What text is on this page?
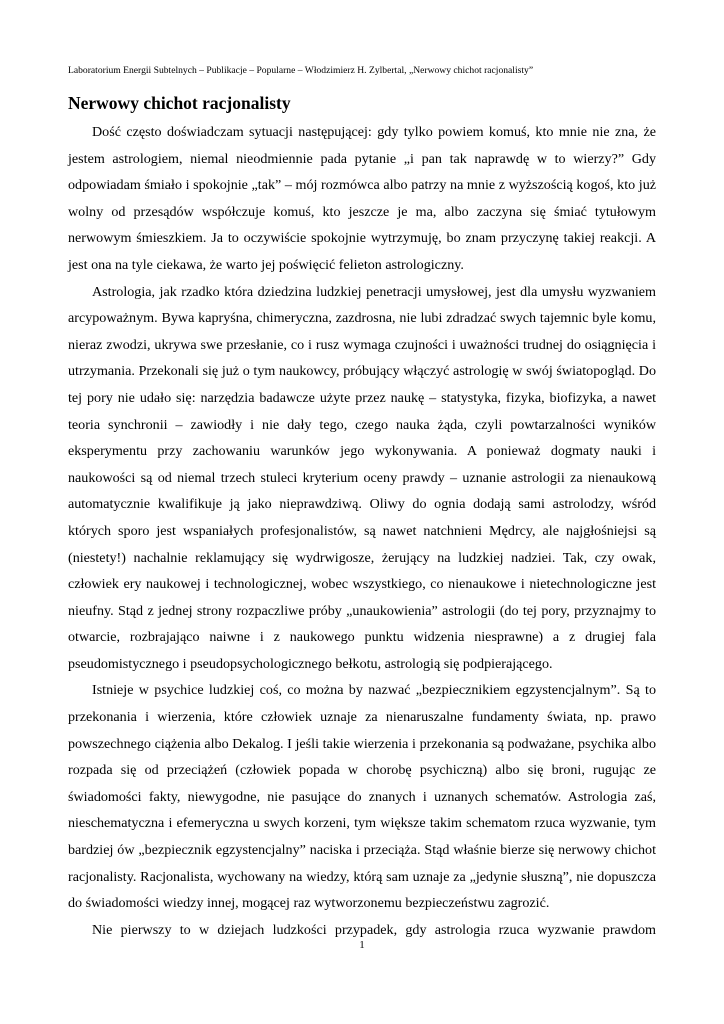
Laboratorium Energii Subtelnych – Publikacje – Popularne – Włodzimierz H. Zylbertal, „Nerwowy chichot racjonalisty”
Nerwowy chichot racjonalisty

Dość często doświadczam sytuacji następującej: gdy tylko powiem komuś, kto mnie nie zna, że jestem astrologiem, niemal nieodmiennie pada pytanie „i pan tak naprawdę w to wierzy?” Gdy odpowiadam śmiało i spokojnie „tak” – mój rozmówca albo patrzy na mnie z wyższością kogoś, kto już wolny od przesądów współczuje komuś, kto jeszcze je ma, albo zaczyna się śmiać tytułowym nerwowym śmieszkiem. Ja to oczywiście spokojnie wytrzymuję, bo znam przyczynę takiej reakcji. A jest ona na tyle ciekawa, że warto jej poświęcić felieton astrologiczny.

Astrologia, jak rzadko która dziedzina ludzkiej penetracji umysłowej, jest dla umysłu wyzwaniem arcypoważnym. Bywa kapryśna, chimeryczna, zazdrosna, nie lubi zdradzać swych tajemnic byle komu, nieraz zwodzi, ukrywa swe przesłanie, co i rusz wymaga czujności i uważności trudnej do osiągnięcia i utrzymania. Przekonali się już o tym naukowcy, próbujący włączyć astrologię w swój światopogląd. Do tej pory nie udało się: narzędzia badawcze użyte przez naukę – statystyka, fizyka, biofizyka, a nawet teoria synchronii – zawiodły i nie dały tego, czego nauka żąda, czyli powtarzalności wyników eksperymentu przy zachowaniu warunków jego wykonywania. A ponieważ dogmaty nauki i naukowości są od niemal trzech stuleci kryterium oceny prawdy – uznanie astrologii za nienaukową automatycznie kwalifikuje ją jako nieprawdziwą. Oliwy do ognia dodają sami astrolodzy, wśród których sporo jest wspaniałych profesjonalistów, są nawet natchnieni Mędrcy, ale najgłośniejsi są (niestety!) nachalnie reklamujący się wydrwigosze, żerujący na ludzkiej nadziei. Tak, czy owak, człowiek ery naukowej i technologicznej, wobec wszystkiego, co nienaukowe i nietechnologiczne jest nieufny. Stąd z jednej strony rozpaczliwe próby „unaukowienia” astrologii (do tej pory, przyznajmy to otwarcie, rozbrajająco naiwne i z naukowego punktu widzenia niesprawne) a z drugiej fala pseudomistycznego i pseudopsychologicznego bełkotu, astrologią się podpierającego.

Istnieje w psychice ludzkiej coś, co można by nazwać „bezpiecznikiem egzystencjalnym”. Są to przekonania i wierzenia, które człowiek uznaje za nienaruszalne fundamenty świata, np. prawo powszechnego ciążenia albo Dekalog. I jeśli takie wierzenia i przekonania są podważane, psychika albo rozpada się od przeciążeń (człowiek popada w chorobę psychiczną) albo się broni, rugując ze świadomości fakty, niewygodne, nie pasujące do znanych i uznanych schematów. Astrologia zaś, nieschematyczna i efemeryczna u swych korzeni, tym większe takim schematom rzuca wyzwanie, tym bardziej ów „bezpiecznik egzystencjalny” naciska i przeciąża. Stąd właśnie bierze się nerwowy chichot racjonalisty. Racjonalista, wychowany na wiedzy, którą sam uznaje za „jedynie słuszną”, nie dopuszcza do świadomości wiedzy innej, mogącej raz wytworzonemu bezpieczeństwu zagrozić.

Nie pierwszy to w dziejach ludzkości przypadek, gdy astrologia rzuca wyzwanie prawdom

1
